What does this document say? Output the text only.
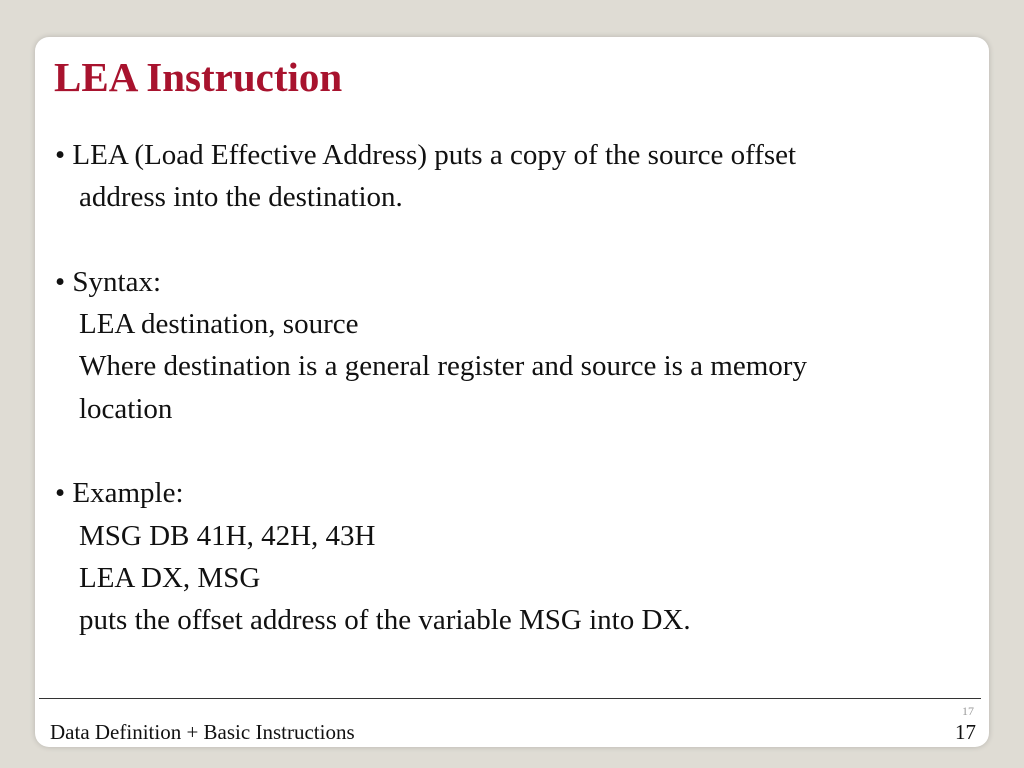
LEA Instruction
• LEA (Load Effective Address) puts a copy of the source offset
address into the destination.
• Syntax:
LEA destination, source
Where destination is a general register and source is a memory
location
• Example:
MSG DB 41H, 42H, 43H
LEA DX, MSG
puts the offset address of the variable MSG into DX.
17
Data Definition + Basic Instructions	17
